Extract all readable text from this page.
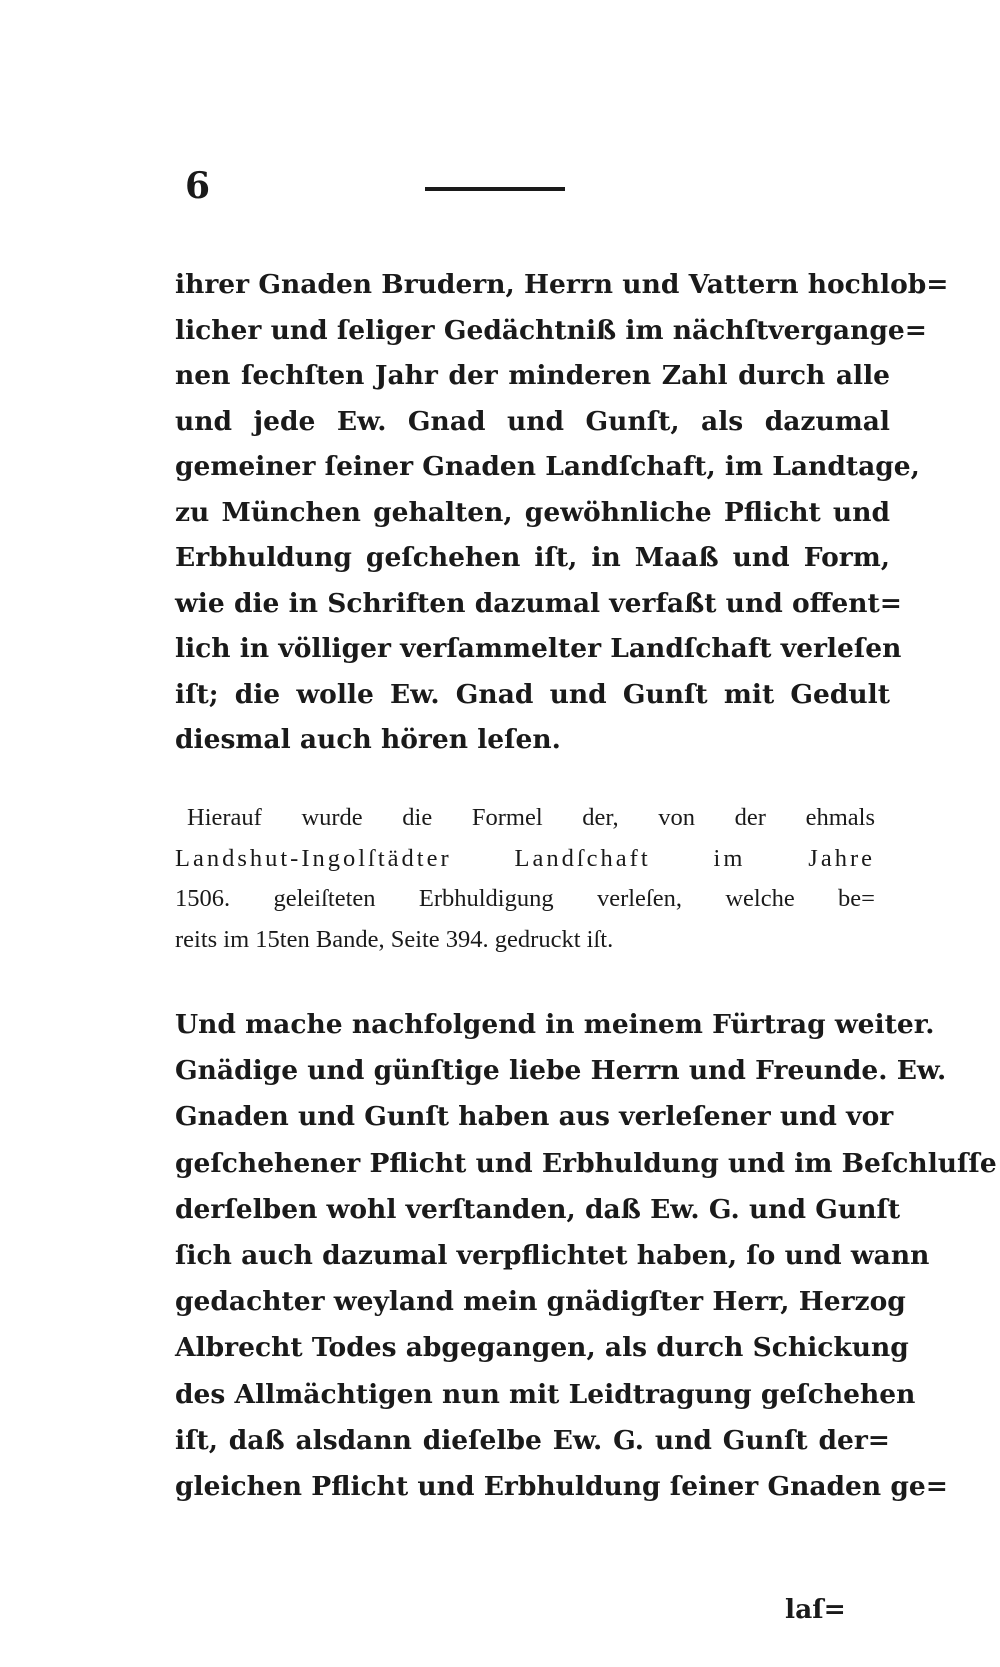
6
ihrer Gnaden Brudern, Herrn und Vattern hochlob=
licher und ſeliger Gedächtniß im nächſtvergange=
nen ſechſten Jahr der minderen Zahl durch alle
und jede Ew. Gnad und Gunſt, als dazumal
gemeiner ſeiner Gnaden Landſchaft, im Landtage,
zu München gehalten, gewöhnliche Pflicht und
Erbhuldung geſchehen iſt, in Maaß und Form,
wie die in Schriften dazumal verfaßt und offent=
lich in völliger verſammelter Landſchaft verleſen
iſt; die wolle Ew. Gnad und Gunſt mit Gedult
diesmal auch hören leſen.
Hierauf wurde die Formel der, von der ehmals
Landshut-Ingolſtädter Landſchaft im Jahre
1506. geleiſteten Erbhuldigung verleſen, welche be=
reits im 15ten Bande, Seite 394. gedruckt iſt.
Und mache nachfolgend in meinem Fürtrag weiter.
Gnädige und günſtige liebe Herrn und Freunde. Ew.
Gnaden und Gunſt haben aus verleſener und vor
geſchehener Pflicht und Erbhuldung und im Beſchluſſe
derſelben wohl verſtanden, daß Ew. G. und Gunſt
ſich auch dazumal verpflichtet haben, ſo und wann
gedachter weyland mein gnädigſter Herr, Herzog
Albrecht Todes abgegangen, als durch Schickung
des Allmächtigen nun mit Leidtragung geſchehen
iſt, daß alsdann dieſelbe Ew. G. und Gunſt der=
gleichen Pflicht und Erbhuldung ſeiner Gnaden ge=
laſ=
